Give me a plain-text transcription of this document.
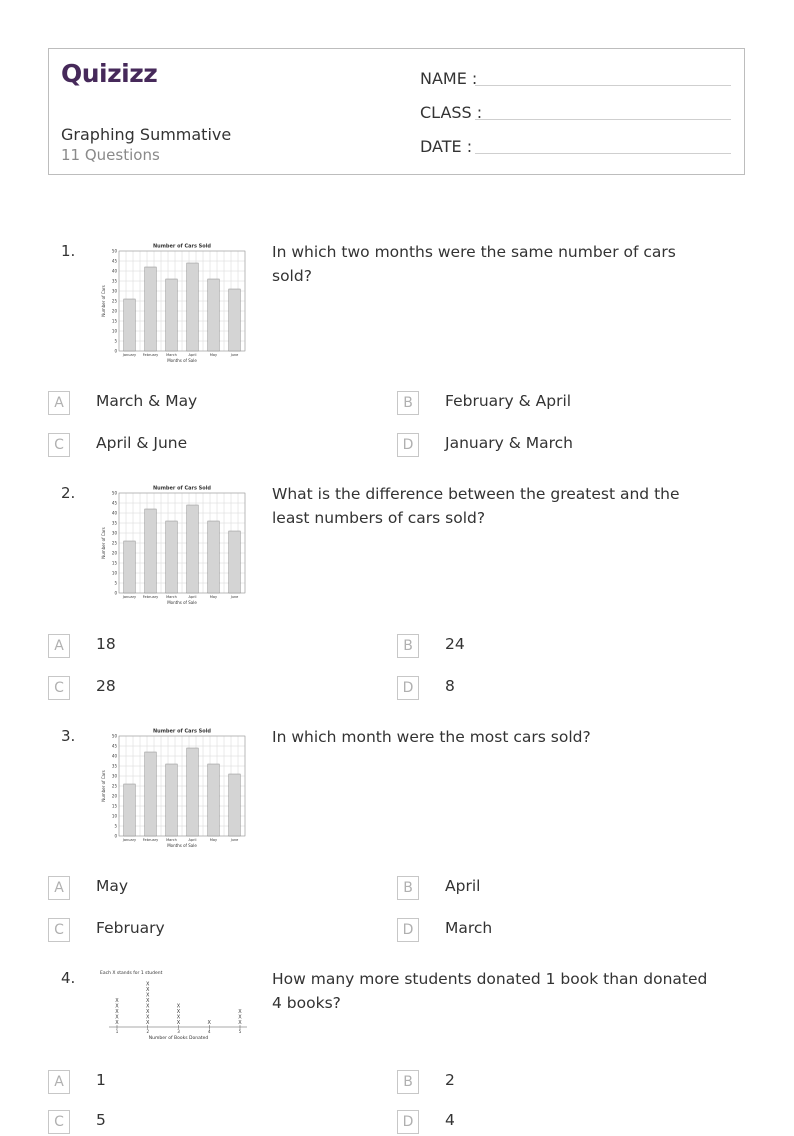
Quizizz
Graphing Summative
11 Questions
NAME :
CLASS :
DATE :
1.	Number of Cars Sold
0
5
10
15
20
25
30
35
40
45
50
January February March	April	May	June
Months of Sale
Number of Cars
In which two months were the same number of cars sold?
A	March & May	B	February & April
C	April & June	D	January & March
2.	Number of Cars Sold
0
5
10
15
20
25
30
35
40
45
50
January February March	April	May	June
Months of Sale
Number of Cars
What is the difference between the greatest and the least numbers of cars sold?
A	18	B	24
C	28	D	8
3.	Number of Cars Sold
0
5
10
15
20
25
30
35
40
45
50
January February March	April	May	June
Months of Sale
Number of Cars
In which month were the most cars sold?
A	May	B	April
C	February	D	March
4.	Each X stands for 1 student
1
X
X
X
X
X
2
X
X
X
X
X
X
X
X
3
X
X
X
X
4
X
5
X
X
X
Number of Books Donated
How many more students donated 1 book than donated 4 books?
A	1	B	2
C	5	D	4
